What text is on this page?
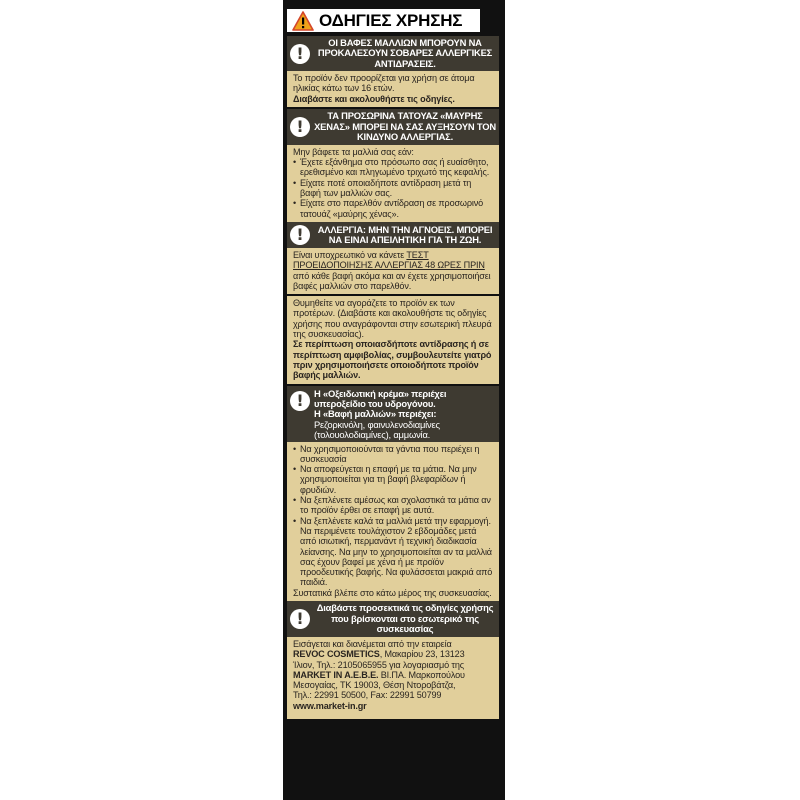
ΟΔΗΓΙΕΣ ΧΡΗΣΗΣ
!
ΟΙ ΒΑΦΕΣ ΜΑΛΛΙΩΝ ΜΠΟΡΟΥΝ ΝΑ ΠΡΟΚΑΛΕΣΟΥΝ ΣΟΒΑΡΕΣ ΑΛΛΕΡΓΙΚΕΣ ΑΝΤΙΔΡΑΣΕΙΣ.

Το προϊόν δεν προορίζεται για χρήση σε άτομα ηλικίας κάτω των 16 ετών.

Διαβάστε και ακολουθήστε τις οδηγίες.

!
ΤΑ ΠΡΟΣΩΡΙΝΑ ΤΑΤΟΥΑΖ «ΜΑΥΡΗΣ ΧΕΝΑΣ» ΜΠΟΡΕΙ ΝΑ ΣΑΣ ΑΥΞΗΣΟΥΝ ΤΟΝ ΚΙΝΔΥΝΟ ΑΛΛΕΡΓΙΑΣ.

Μην βάφετε τα μαλλιά σας εάν:

• Έχετε εξάνθημα στο πρόσωπο σας ή ευαίσθητο, ερεθισμένο και πληγωμένο τριχωτό της κεφαλής.
• Είχατε ποτέ οποιαδήποτε αντίδραση μετά τη βαφή των μαλλιών σας.
• Είχατε στο παρελθόν αντίδραση σε προσωρινό τατουάζ «μαύρης χένας».
!	ΑΛΛΕΡΓΙΑ: ΜΗΝ ΤΗΝ ΑΓΝΟΕΙΣ. ΜΠΟΡΕΙ ΝΑ ΕΙΝΑΙ ΑΠΕΙΛΗΤΙΚΗ ΓΙΑ ΤΗ ΖΩΗ.

Είναι υποχρεωτικό να κάνετε ΤΕΣΤ ΠΡΟΕΙΔΟΠΟΙΗΣΗΣ ΑΛΛΕΡΓΙΑΣ 48 ΩΡΕΣ ΠΡΙΝ από κάθε βαφή ακόμα και αν έχετε χρησιμοποιήσει βαφές μαλλιών στο παρελθόν.

Θυμηθείτε να αγοράζετε το προϊόν εκ των προτέρων. (Διαβάστε και ακολουθήστε τις οδηγίες χρήσης που αναγράφονται στην εσωτερική πλευρά της συσκευασίας).

Σε περίπτωση οποιασδήποτε αντίδρασης ή σε περίπτωση αμφιβολίας, συμβουλευτείτε γιατρό πριν χρησιμοποιήσετε οποιοδήποτε προϊόν βαφής μαλλιών.

!	Η «Οξειδωτική κρέμα» περιέχει υπεροξείδιο του υδρογόνου.
Η «Βαφή μαλλιών» περιέχει:
Ρεζορκινόλη, φαινυλενοδιαμίνες (τολουολοδιαμίνες), αμμωνία.
• Να χρησιμοποιούνται τα γάντια που περιέχει η συσκευασία
• Να αποφεύγεται η επαφή με τα μάτια. Να μην χρησιμοποιείται για τη βαφή βλεφαρίδων ή φρυδιών.
• Να ξεπλένετε αμέσως και σχολαστικά τα μάτια αν το προϊόν έρθει σε επαφή με αυτά.
• Να ξεπλένετε καλά τα μαλλιά μετά την εφαρμογή. Να περιμένετε τουλάχιστον 2 εβδομάδες μετά από ισιωτική, περμανάντ ή τεχνική διαδικασία λείανσης. Να μην το χρησιμοποιείται αν τα μαλλιά σας έχουν βαφεί με χένα ή με προϊόν προοδευτικής βαφής. Να φυλάσσεται μακριά από παιδιά.

Συστατικά βλέπε στο κάτω μέρος της συσκευασίας.

!
Διαβάστε προσεκτικά τις οδηγίες χρήσης που βρίσκονται στο εσωτερικό της συσκευασίας

Εισάγεται και διανέμεται από την εταιρεία

REVOC COSMETICS, Μακαρίου 23, 13123

Ίλιον, Τηλ.: 2105065955 για λογαριασμό της

MARKET IN A.E.B.E. ΒΙ.ΠΑ. Μαρκοπούλου

Μεσογαίας, ΤΚ 19003, Θέση Ντοροβάτζα,

Τηλ.: 22991 50500, Fax: 22991 50799

www.market-in.gr
